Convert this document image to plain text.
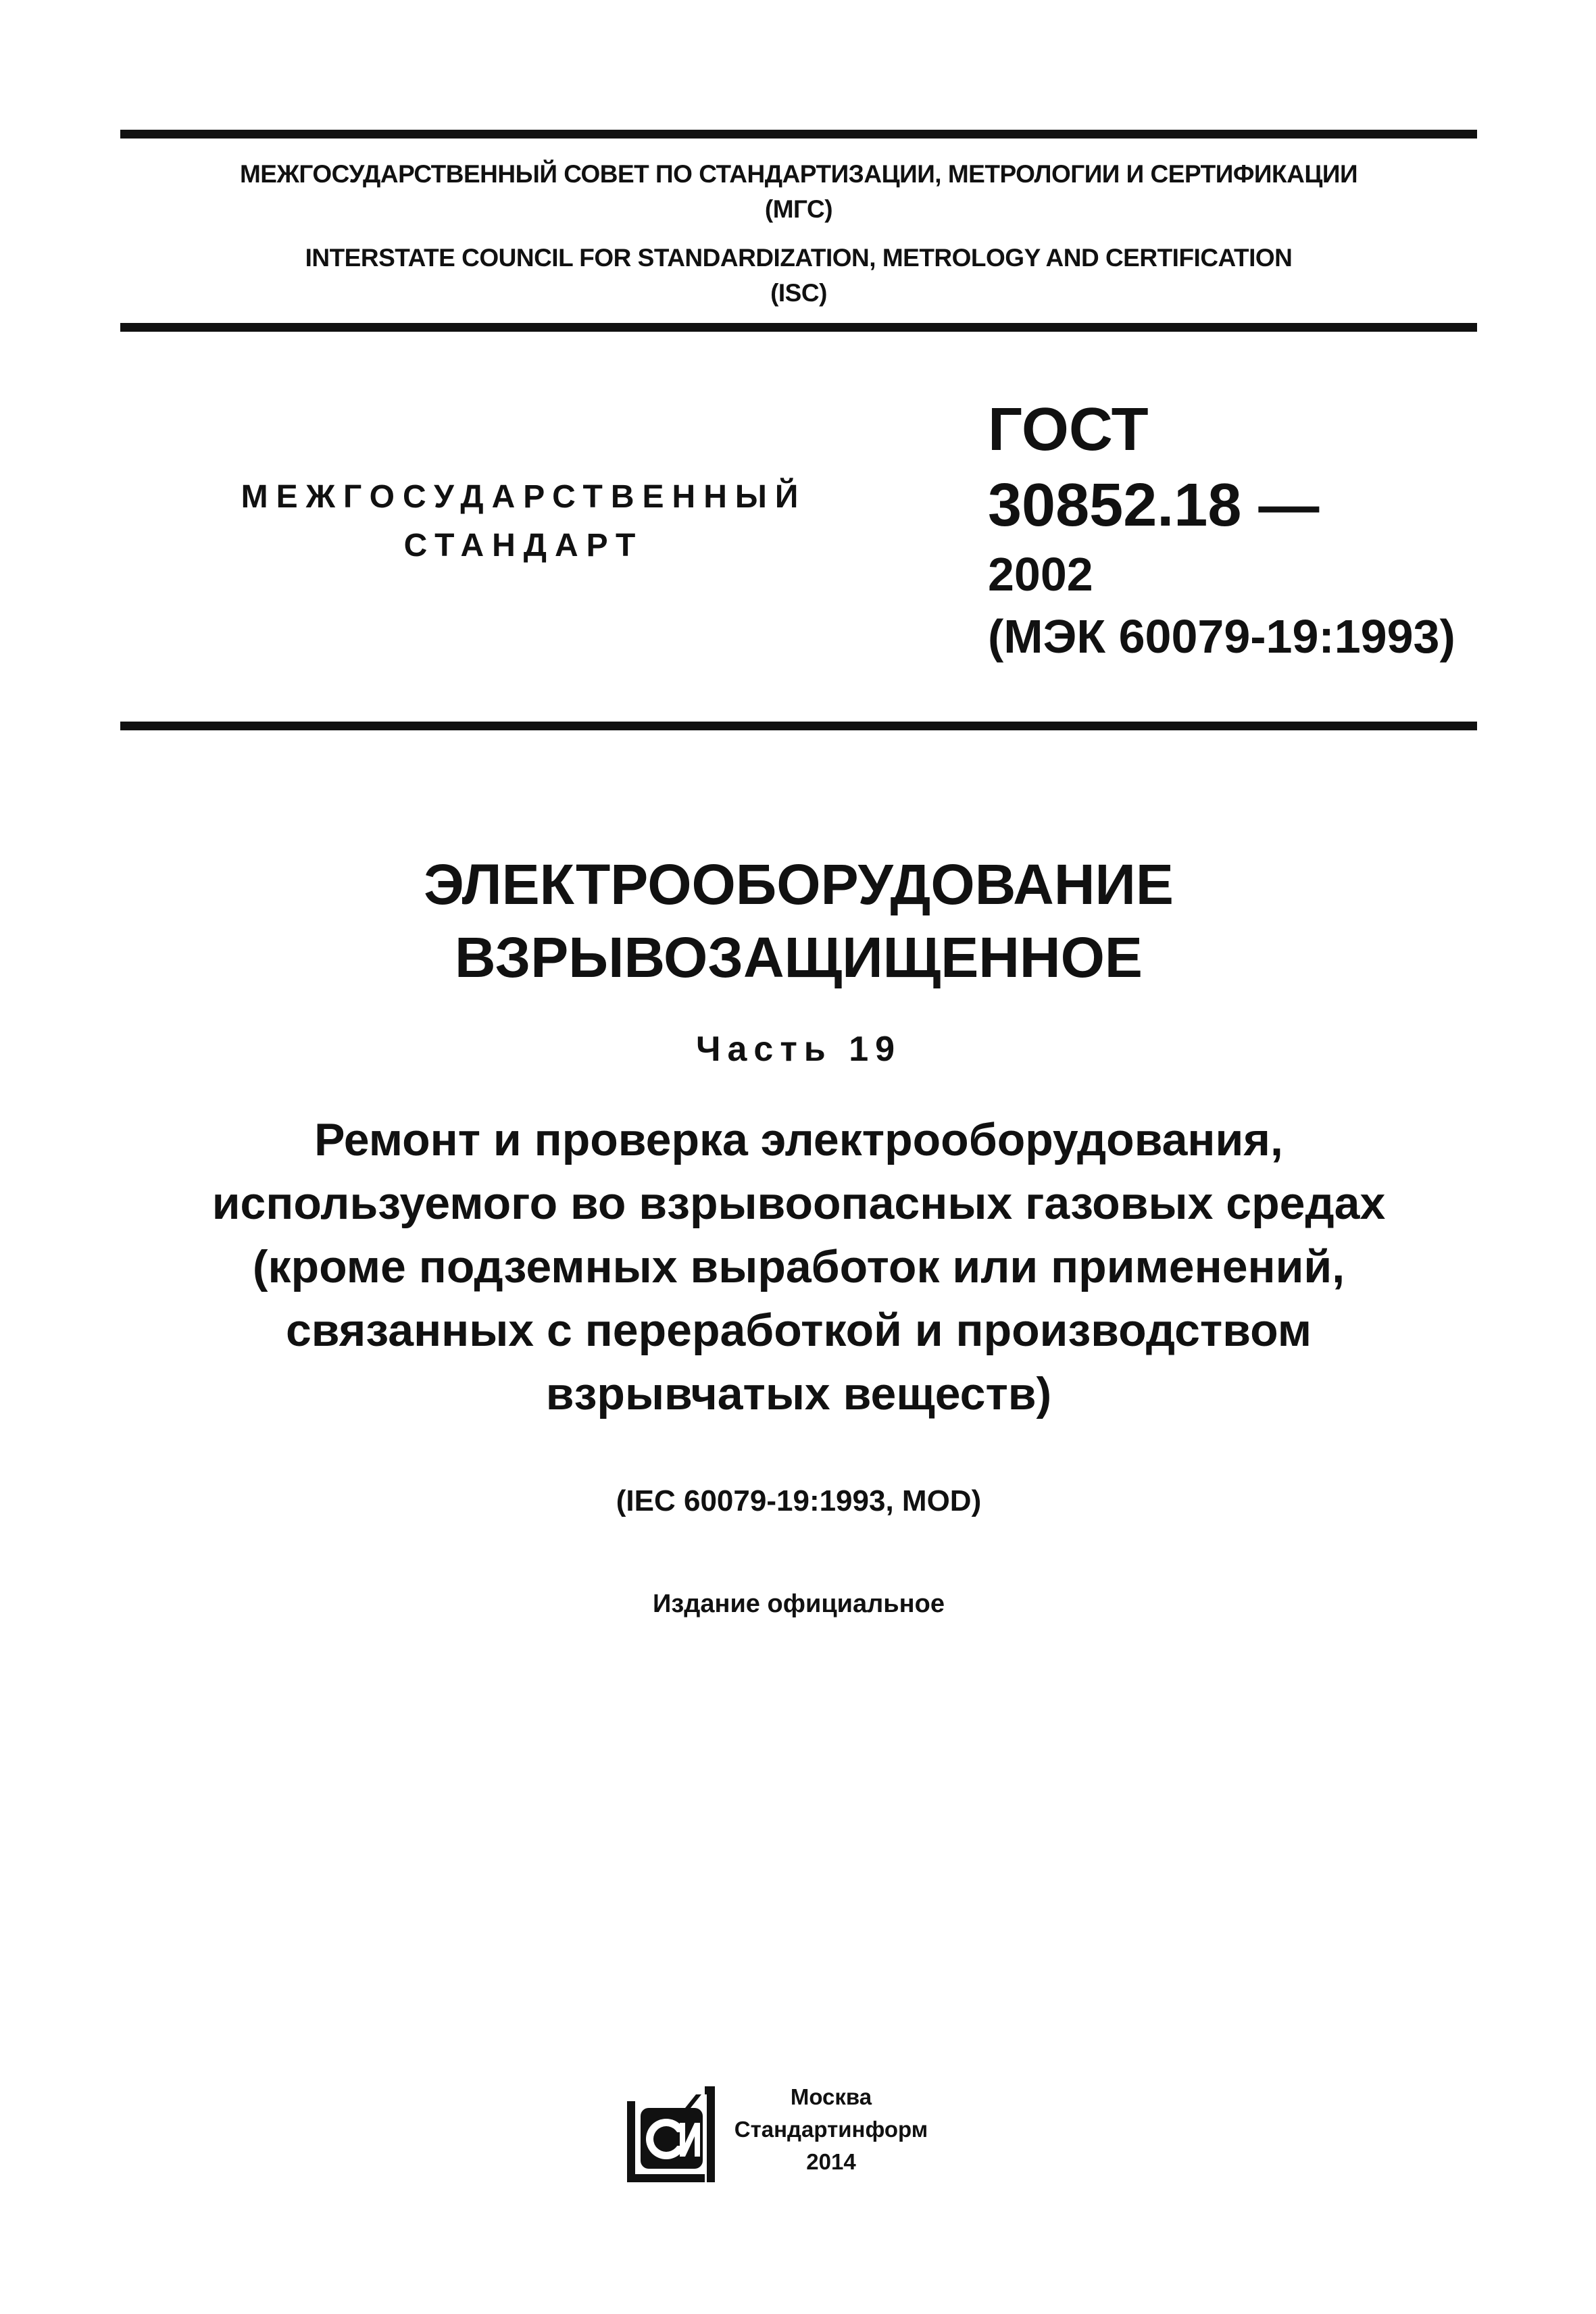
МЕЖГОСУДАРСТВЕННЫЙ СОВЕТ ПО СТАНДАРТИЗАЦИИ, МЕТРОЛОГИИ И СЕРТИФИКАЦИИ
(МГС)
INTERSTATE COUNCIL FOR STANDARDIZATION, METROLOGY AND CERTIFICATION
(ISC)
МЕЖГОСУДАРСТВЕННЫЙ
СТАНДАРТ
ГОСТ
30852.18 —
2002
(МЭК 60079-19:1993)
ЭЛЕКТРООБОРУДОВАНИЕ
ВЗРЫВОЗАЩИЩЕННОЕ
Часть 19
Ремонт и проверка электрооборудования,
используемого во взрывоопасных газовых средах
(кроме подземных выработок или применений,
связанных с переработкой и производством
взрывчатых веществ)
(IEC 60079-19:1993, MOD)
Издание официальное
Москва
Стандартинформ
2014
